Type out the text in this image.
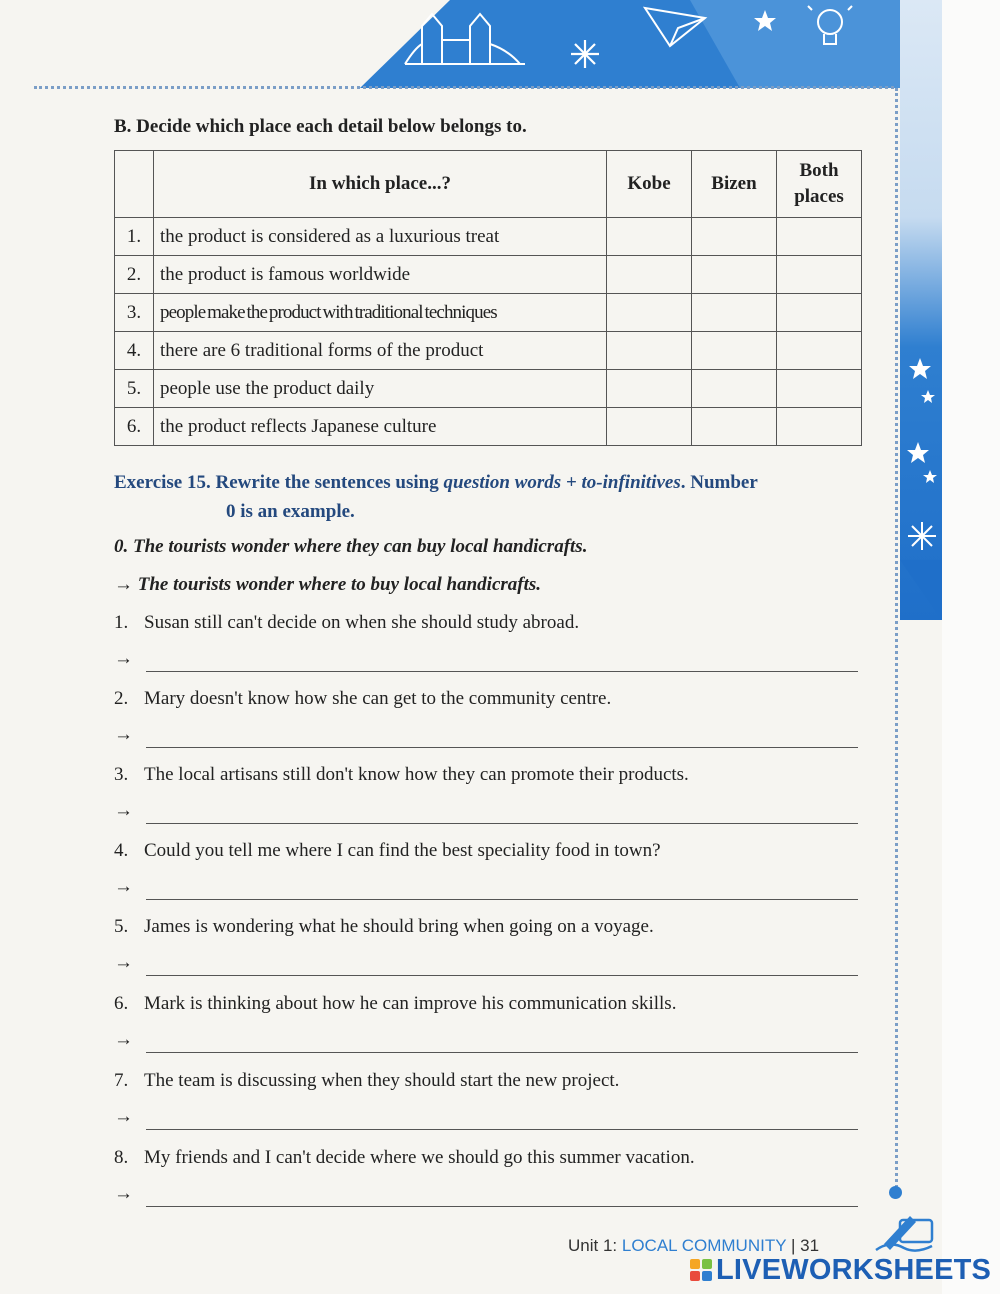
B. Decide which place each detail below belongs to.
	In which place...?	Kobe	Bizen	Both places
1.	the product is considered as a luxurious treat			
2.	the product is famous worldwide			
3.	people make the product with traditional techniques			
4.	there are 6 traditional forms of the product			
5.	people use the product daily			
6.	the product reflects Japanese culture			
Exercise 15. Rewrite the sentences using question words + to-infinitives. Number
0 is an example.
0. The tourists wonder where they can buy local handicrafts.
→ The tourists wonder where to buy local handicrafts.
1. Susan still can't decide on when she should study abroad.
→
2. Mary doesn't know how she can get to the community centre.
→
3. The local artisans still don't know how they can promote their products.
→
4. Could you tell me where I can find the best speciality food in town?
→
5. James is wondering what he should bring when going on a voyage.
→
6. Mark is thinking about how he can improve his communication skills.
→
7. The team is discussing when they should start the new project.
→
8. My friends and I can't decide where we should go this summer vacation.
→
Unit 1: LOCAL COMMUNITY | 31
LIVEWORKSHEETS
